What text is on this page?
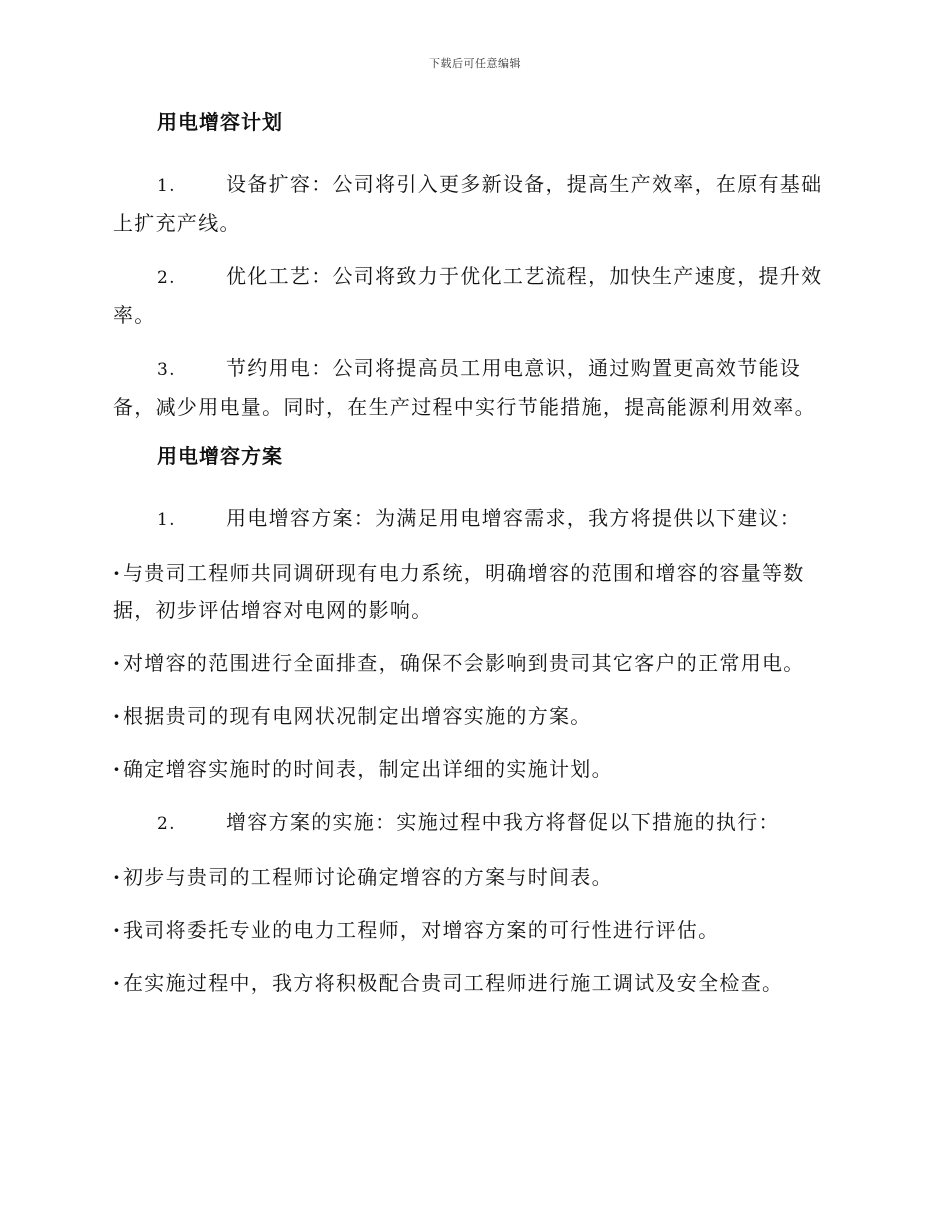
下载后可任意编辑
用电增容计划

1.	设备扩容：公司将引入更多新设备，提高生产效率，在原有基础上扩充产线。

2.	优化工艺：公司将致力于优化工艺流程，加快生产速度，提升效率。

3.	节约用电：公司将提高员工用电意识，通过购置更高效节能设备，减少用电量。同时，在生产过程中实行节能措施，提高能源利用效率。

用电增容方案

1.	用电增容方案：为满足用电增容需求，我方将提供以下建议：

·与贵司工程师共同调研现有电力系统，明确增容的范围和增容的容量等数据，初步评估增容对电网的影响。

·对增容的范围进行全面排查，确保不会影响到贵司其它客户的正常用电。

·根据贵司的现有电网状况制定出增容实施的方案。

·确定增容实施时的时间表，制定出详细的实施计划。

2.	增容方案的实施：实施过程中我方将督促以下措施的执行：

·初步与贵司的工程师讨论确定增容的方案与时间表。

·我司将委托专业的电力工程师，对增容方案的可行性进行评估。

·在实施过程中，我方将积极配合贵司工程师进行施工调试及安全检查。
